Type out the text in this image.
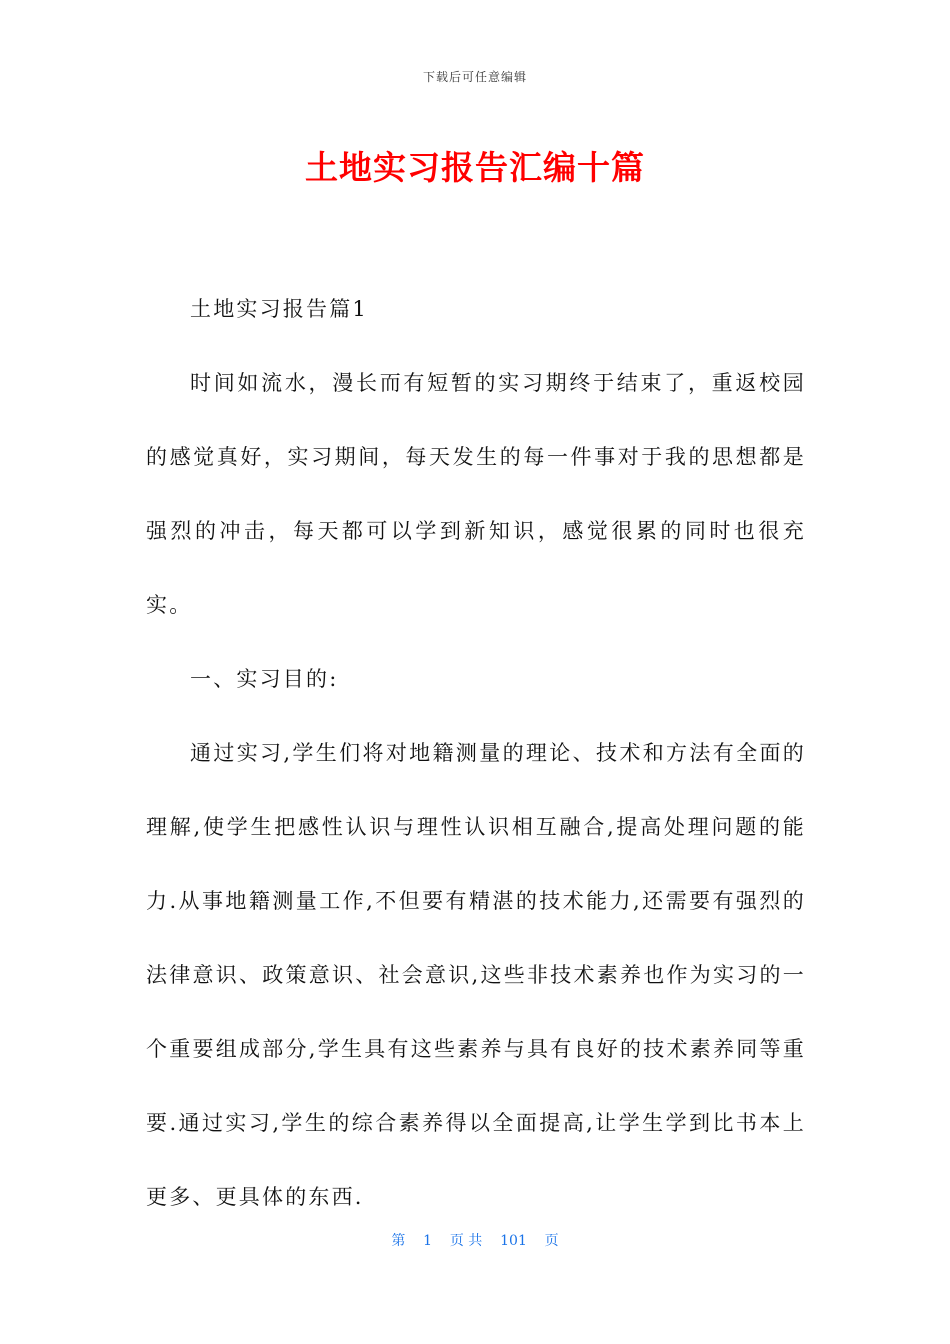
下载后可任意编辑
土地实习报告汇编十篇

土地实习报告篇1

时间如流水，漫长而有短暂的实习期终于结束了，重返校园的感觉真好，实习期间，每天发生的每一件事对于我的思想都是强烈的冲击，每天都可以学到新知识，感觉很累的同时也很充实。

一、实习目的:

通过实习,学生们将对地籍测量的理论、技术和方法有全面的理解,使学生把感性认识与理性认识相互融合,提高处理问题的能力.从事地籍测量工作,不但要有精湛的技术能力,还需要有强烈的法律意识、政策意识、社会意识,这些非技术素养也作为实习的一个重要组成部分,学生具有这些素养与具有良好的技术素养同等重要.通过实习,学生的综合素养得以全面提高,让学生学到比书本上更多、更具体的东西.

第 1 页 共 101 页
